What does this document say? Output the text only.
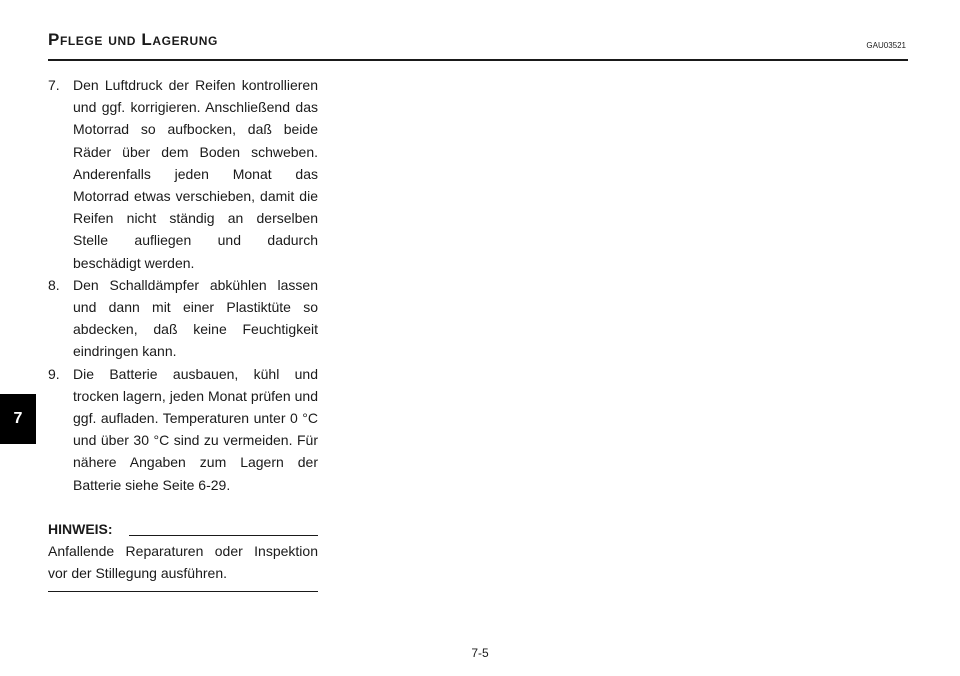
Pflege und Lagerung	GAU03521
7
7. Den Luftdruck der Reifen kontrollieren und ggf. korrigieren. Anschließend das Motorrad so aufbocken, daß beide Räder über dem Boden schweben. Anderenfalls jeden Monat das Motorrad etwas verschieben, damit die Reifen nicht ständig an derselben Stelle aufliegen und dadurch beschädigt werden.
8. Den Schalldämpfer abkühlen lassen und dann mit einer Plastiktüte so abdecken, daß keine Feuchtigkeit eindringen kann.
9. Die Batterie ausbauen, kühl und trocken lagern, jeden Monat prüfen und ggf. aufladen. Temperaturen unter 0 °C und über 30 °C sind zu vermeiden. Für nähere Angaben zum Lagern der Batterie siehe Seite 6-29.
HINWEIS:
Anfallende Reparaturen oder Inspektion vor der Stillegung ausführen.
7-5
